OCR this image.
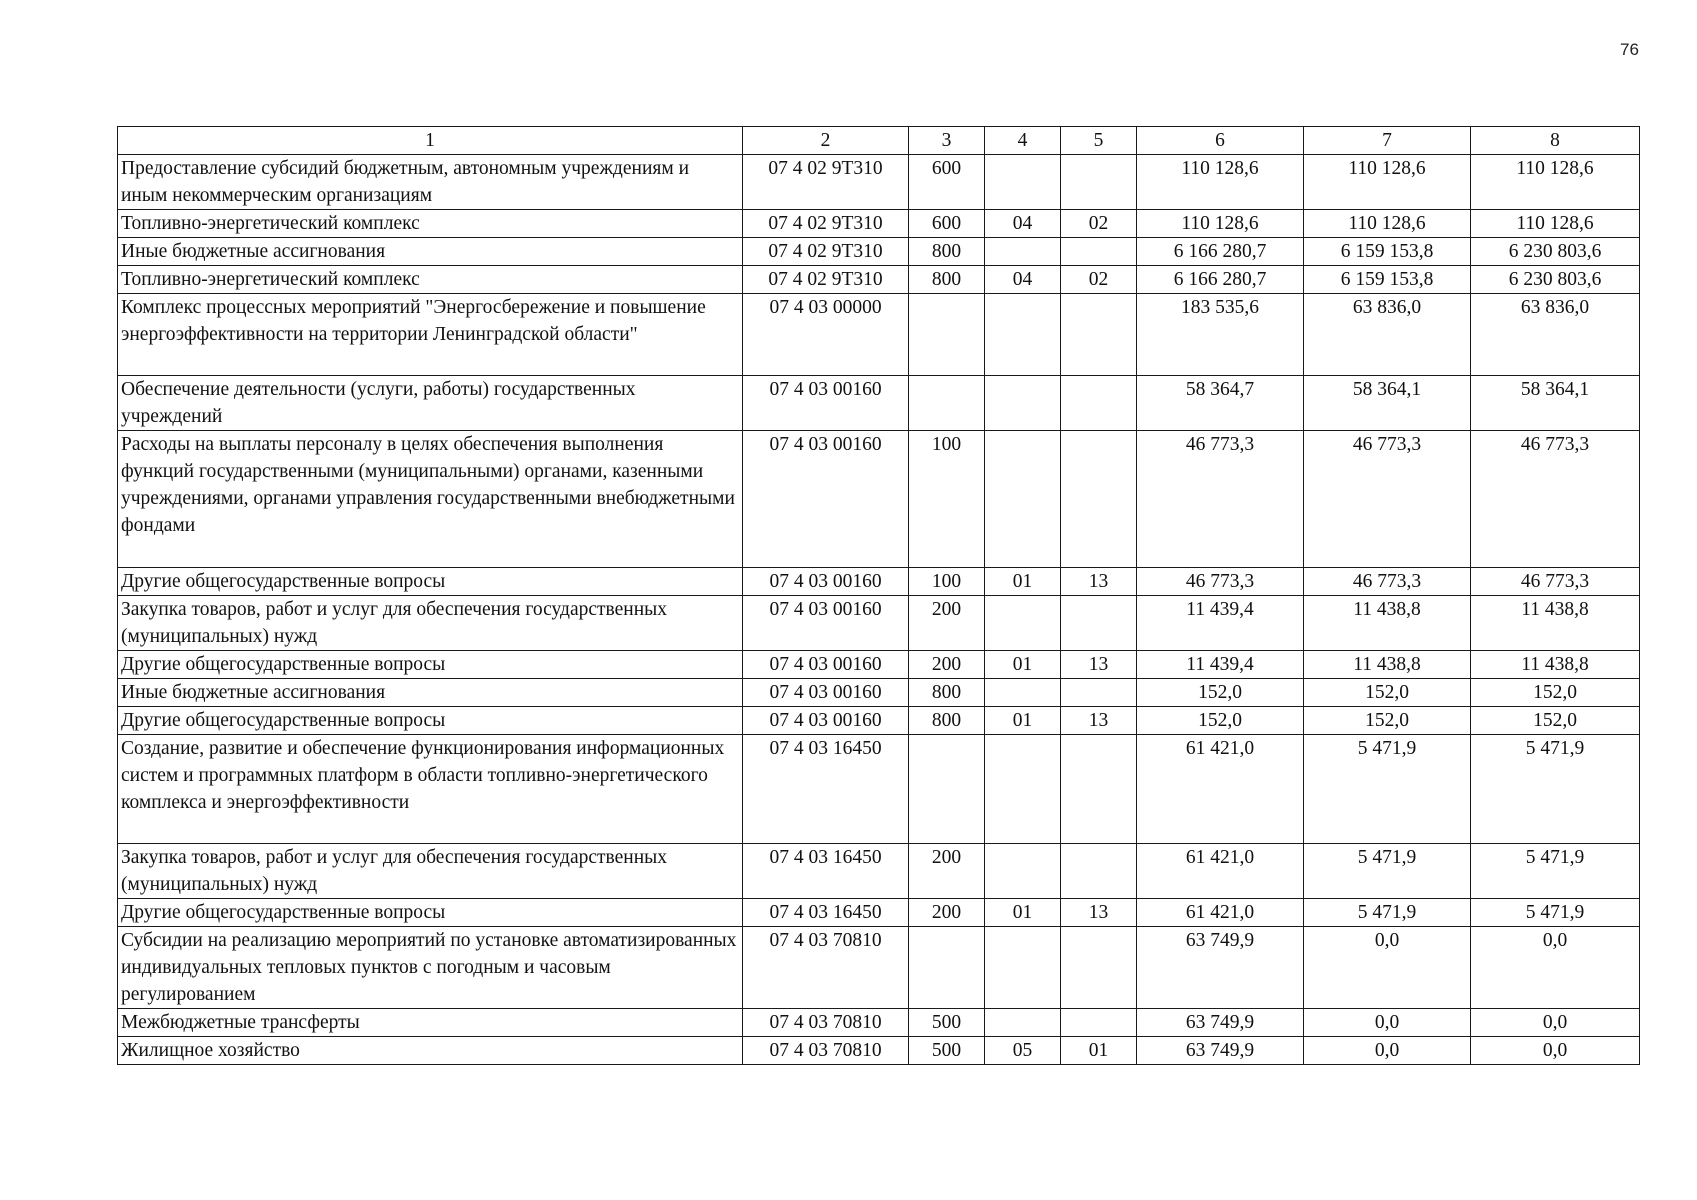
76
1	2	3	4	5	6	7	8
Предоставление субсидий бюджетным, автономным учреждениям и иным некоммерческим организациям	07 4 02 9Т310	600			110 128,6	110 128,6	110 128,6
Топливно-энергетический комплекс	07 4 02 9Т310	600	04	02	110 128,6	110 128,6	110 128,6
Иные бюджетные ассигнования	07 4 02 9Т310	800			6 166 280,7	6 159 153,8	6 230 803,6
Топливно-энергетический комплекс	07 4 02 9Т310	800	04	02	6 166 280,7	6 159 153,8	6 230 803,6
Комплекс процессных мероприятий "Энергосбережение и повышение энергоэффективности на территории Ленинградской области"	07 4 03 00000				183 535,6	63 836,0	63 836,0
Обеспечение деятельности (услуги, работы) государственных учреждений	07 4 03 00160				58 364,7	58 364,1	58 364,1
Расходы на выплаты персоналу в целях обеспечения выполнения функций государственными (муниципальными) органами, казенными учреждениями, органами управления государственными внебюджетными фондами	07 4 03 00160	100			46 773,3	46 773,3	46 773,3
Другие общегосударственные вопросы	07 4 03 00160	100	01	13	46 773,3	46 773,3	46 773,3
Закупка товаров, работ и услуг для обеспечения государственных (муниципальных) нужд	07 4 03 00160	200			11 439,4	11 438,8	11 438,8
Другие общегосударственные вопросы	07 4 03 00160	200	01	13	11 439,4	11 438,8	11 438,8
Иные бюджетные ассигнования	07 4 03 00160	800			152,0	152,0	152,0
Другие общегосударственные вопросы	07 4 03 00160	800	01	13	152,0	152,0	152,0
Создание, развитие и обеспечение функционирования информационных систем и программных платформ в области топливно-энергетического комплекса и энергоэффективности	07 4 03 16450				61 421,0	5 471,9	5 471,9
Закупка товаров, работ и услуг для обеспечения государственных (муниципальных) нужд	07 4 03 16450	200			61 421,0	5 471,9	5 471,9
Другие общегосударственные вопросы	07 4 03 16450	200	01	13	61 421,0	5 471,9	5 471,9
Субсидии на реализацию мероприятий по установке автоматизированных индивидуальных тепловых пунктов с погодным и часовым регулированием	07 4 03 70810				63 749,9	0,0	0,0
Межбюджетные трансферты	07 4 03 70810	500			63 749,9	0,0	0,0
Жилищное хозяйство	07 4 03 70810	500	05	01	63 749,9	0,0	0,0
